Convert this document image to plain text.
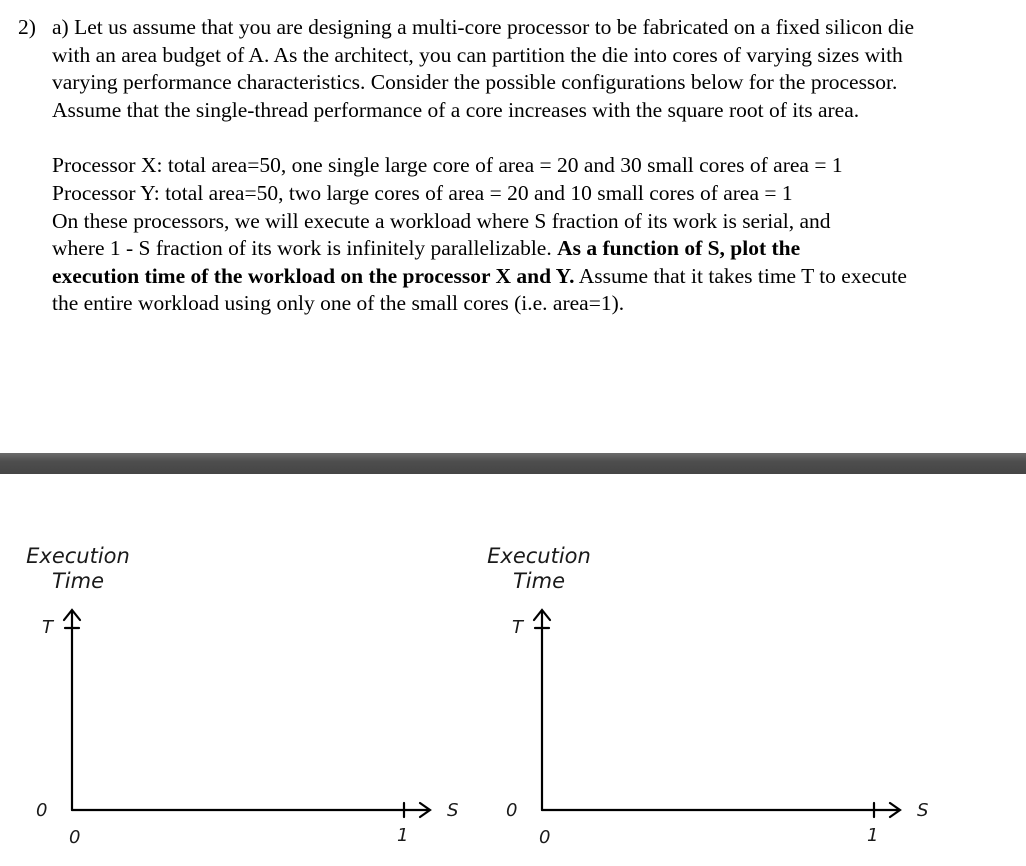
2) a) Let us assume that you are designing a multi-core processor to be fabricated on a fixed silicon die

with an area budget of A. As the architect, you can partition the die into cores of varying sizes with

varying performance characteristics. Consider the possible configurations below for the processor.

Assume that the single-thread performance of a core increases with the square root of its area.

Processor X: total area=50, one single large core of area = 20 and 30 small cores of area = 1

Processor Y: total area=50, two large cores of area = 20 and 10 small cores of area = 1

On these processors, we will execute a workload where S fraction of its work is serial, and

where 1 - S fraction of its work is infinitely parallelizable. As a function of S, plot the

execution time of the workload on the processor X and Y. Assume that it takes time T to execute

the entire workload using only one of the small cores (i.e. area=1).

Execution
Time
T
0
0	1
S
Execution
Time
T
0
0	1
S
